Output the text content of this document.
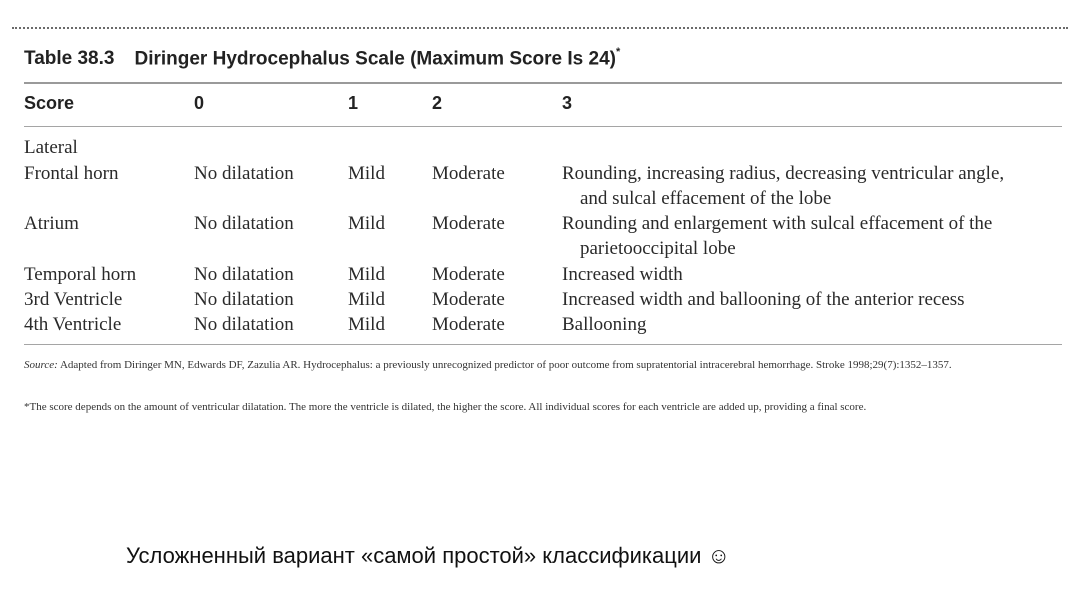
Table 38.3 Diringer Hydrocephalus Scale (Maximum Score Is 24)*
Score	0	1	2	3
Lateral
Frontal horn	No dilatation	Mild Moderate	Rounding, increasing radius, decreasing ventricular angle,
and sulcal effacement of the lobe
Atrium	No dilatation	Mild Moderate	Rounding and enlargement with sulcal effacement of the
parietooccipital lobe
Temporal horn	No dilatation	Mild Moderate	Increased width
3rd Ventricle	No dilatation	Mild Moderate	Increased width and ballooning of the anterior recess
4th Ventricle	No dilatation	Mild Moderate	Ballooning
Source: Adapted from Diringer MN, Edwards DF, Zazulia AR. Hydrocephalus: a previously unrecognized predictor of poor outcome from supratentorial intracerebral hemorrhage. Stroke 1998;29(7):1352–1357.
*The score depends on the amount of ventricular dilatation. The more the ventricle is dilated, the higher the score. All individual scores for each ventricle are added up, providing a final score.
Усложненный вариант «самой простой» классификации ☺
